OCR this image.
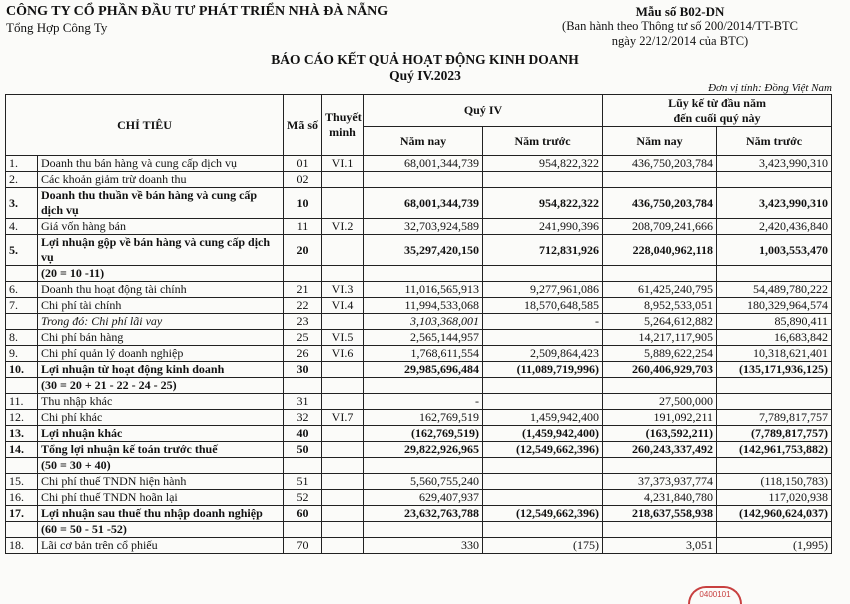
CÔNG TY CỔ PHẦN ĐẦU TƯ PHÁT TRIỂN NHÀ ĐÀ NẴNG
Tổng Hợp Công Ty
Mẫu số B02-DN
(Ban hành theo Thông tư số 200/2014/TT-BTC
ngày 22/12/2014 của BTC)
BÁO CÁO KẾT QUẢ HOẠT ĐỘNG KINH DOANH
Quý IV.2023
Đơn vị tính: Đồng Việt Nam
CHỈ TIÊU		Mã số	Thuyết minh	Quý IV		Lũy kế từ đầu năm
đến cuối quý này	
				Năm nay	Năm trước	Năm nay	Năm trước
1.	Doanh thu bán hàng và cung cấp dịch vụ	01	VI.1	68,001,344,739	954,822,322	436,750,203,784	3,423,990,310
2.	Các khoản giảm trừ doanh thu	02					
3.	Doanh thu thuần về bán hàng và cung cấp dịch vụ	10		68,001,344,739	954,822,322	436,750,203,784	3,423,990,310
4.	Giá vốn hàng bán	11	VI.2	32,703,924,589	241,990,396	208,709,241,666	2,420,436,840
5.	Lợi nhuận gộp về bán hàng và cung cấp dịch vụ	20		35,297,420,150	712,831,926	228,040,962,118	1,003,553,470
	(20 = 10 -11)						
6.	Doanh thu hoạt động tài chính	21	VI.3	11,016,565,913	9,277,961,086	61,425,240,795	54,489,780,222
7.	Chi phí tài chính	22	VI.4	11,994,533,068	18,570,648,585	8,952,533,051	180,329,964,574
	Trong đó: Chi phí lãi vay	23		3,103,368,001	-	5,264,612,882	85,890,411
8.	Chi phí bán hàng	25	VI.5	2,565,144,957		14,217,117,905	16,683,842
9.	Chi phí quản lý doanh nghiệp	26	VI.6	1,768,611,554	2,509,864,423	5,889,622,254	10,318,621,401
10.	Lợi nhuận từ hoạt động kinh doanh	30		29,985,696,484	(11,089,719,996)	260,406,929,703	(135,171,936,125)
	(30 = 20 + 21 - 22 - 24 - 25)						
11.	Thu nhập khác	31		-		27,500,000	
12.	Chi phí khác	32	VI.7	162,769,519	1,459,942,400	191,092,211	7,789,817,757
13.	Lợi nhuận khác	40		(162,769,519)	(1,459,942,400)	(163,592,211)	(7,789,817,757)
14.	Tổng lợi nhuận kế toán trước thuế	50		29,822,926,965	(12,549,662,396)	260,243,337,492	(142,961,753,882)
	(50 = 30 + 40)						
15.	Chi phí thuế TNDN hiện hành	51		5,560,755,240		37,373,937,774	(118,150,783)
16.	Chi phí thuế TNDN hoãn lại	52		629,407,937		4,231,840,780	117,020,938
17.	Lợi nhuận sau thuế thu nhập doanh nghiệp	60		23,632,763,788	(12,549,662,396)	218,637,558,938	(142,960,624,037)
	(60 = 50 - 51 -52)						
18.	Lãi cơ bản trên cổ phiếu	70		330	(175)	3,051	(1,995)
0400101
